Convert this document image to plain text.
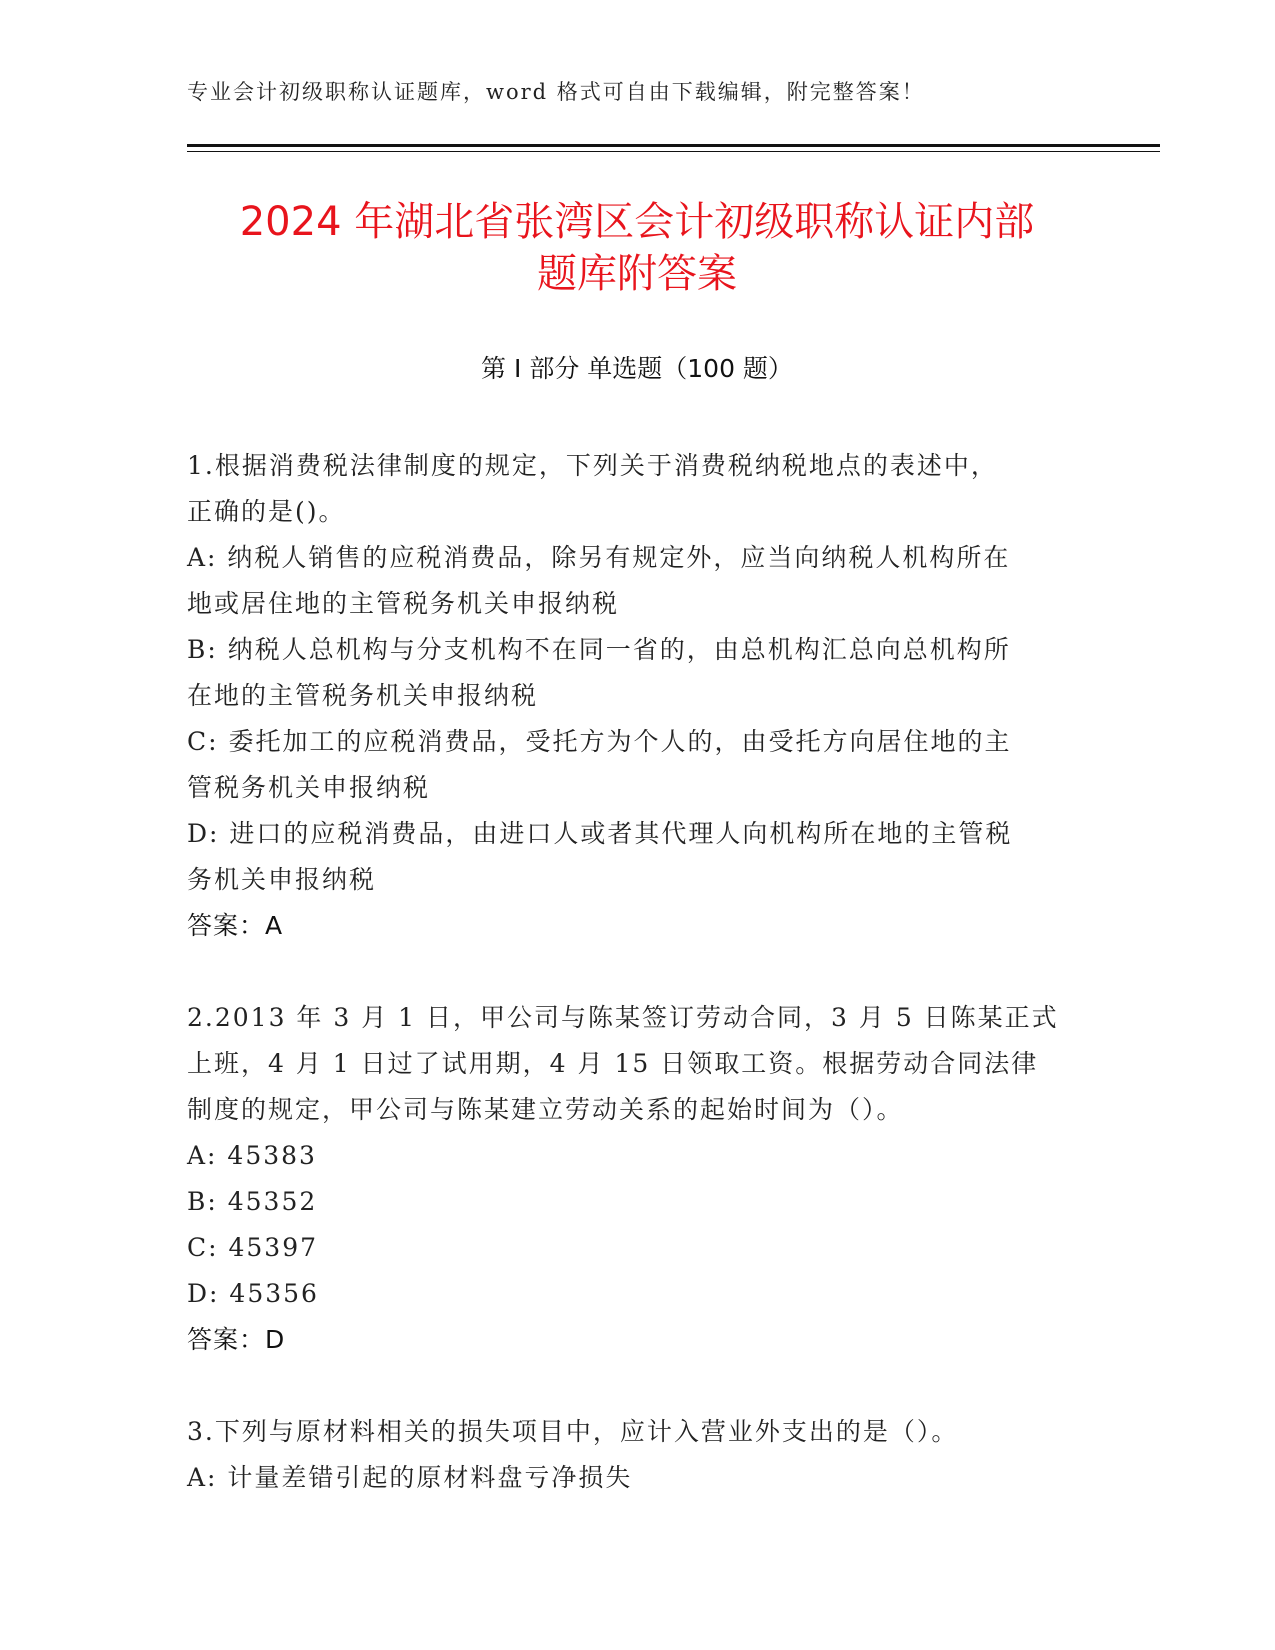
专业会计初级职称认证题库，word 格式可自由下载编辑，附完整答案！
2024 年湖北省张湾区会计初级职称认证内部
题库附答案
第 I 部分 单选题（100 题）

1.根据消费税法律制度的规定，下列关于消费税纳税地点的表述中，

正确的是()。

A: 纳税人销售的应税消费品，除另有规定外，应当向纳税人机构所在

地或居住地的主管税务机关申报纳税

B: 纳税人总机构与分支机构不在同一省的，由总机构汇总向总机构所

在地的主管税务机关申报纳税

C: 委托加工的应税消费品，受托方为个人的，由受托方向居住地的主

管税务机关申报纳税

D: 进口的应税消费品，由进口人或者其代理人向机构所在地的主管税

务机关申报纳税

答案：A

2.2013 年 3 月 1 日，甲公司与陈某签订劳动合同，3 月 5 日陈某正式

上班，4 月 1 日过了试用期，4 月 15 日领取工资。根据劳动合同法律

制度的规定，甲公司与陈某建立劳动关系的起始时间为（）。

A: 45383

B: 45352

C: 45397

D: 45356

答案：D

3.下列与原材料相关的损失项目中，应计入营业外支出的是（）。

A: 计量差错引起的原材料盘亏净损失
